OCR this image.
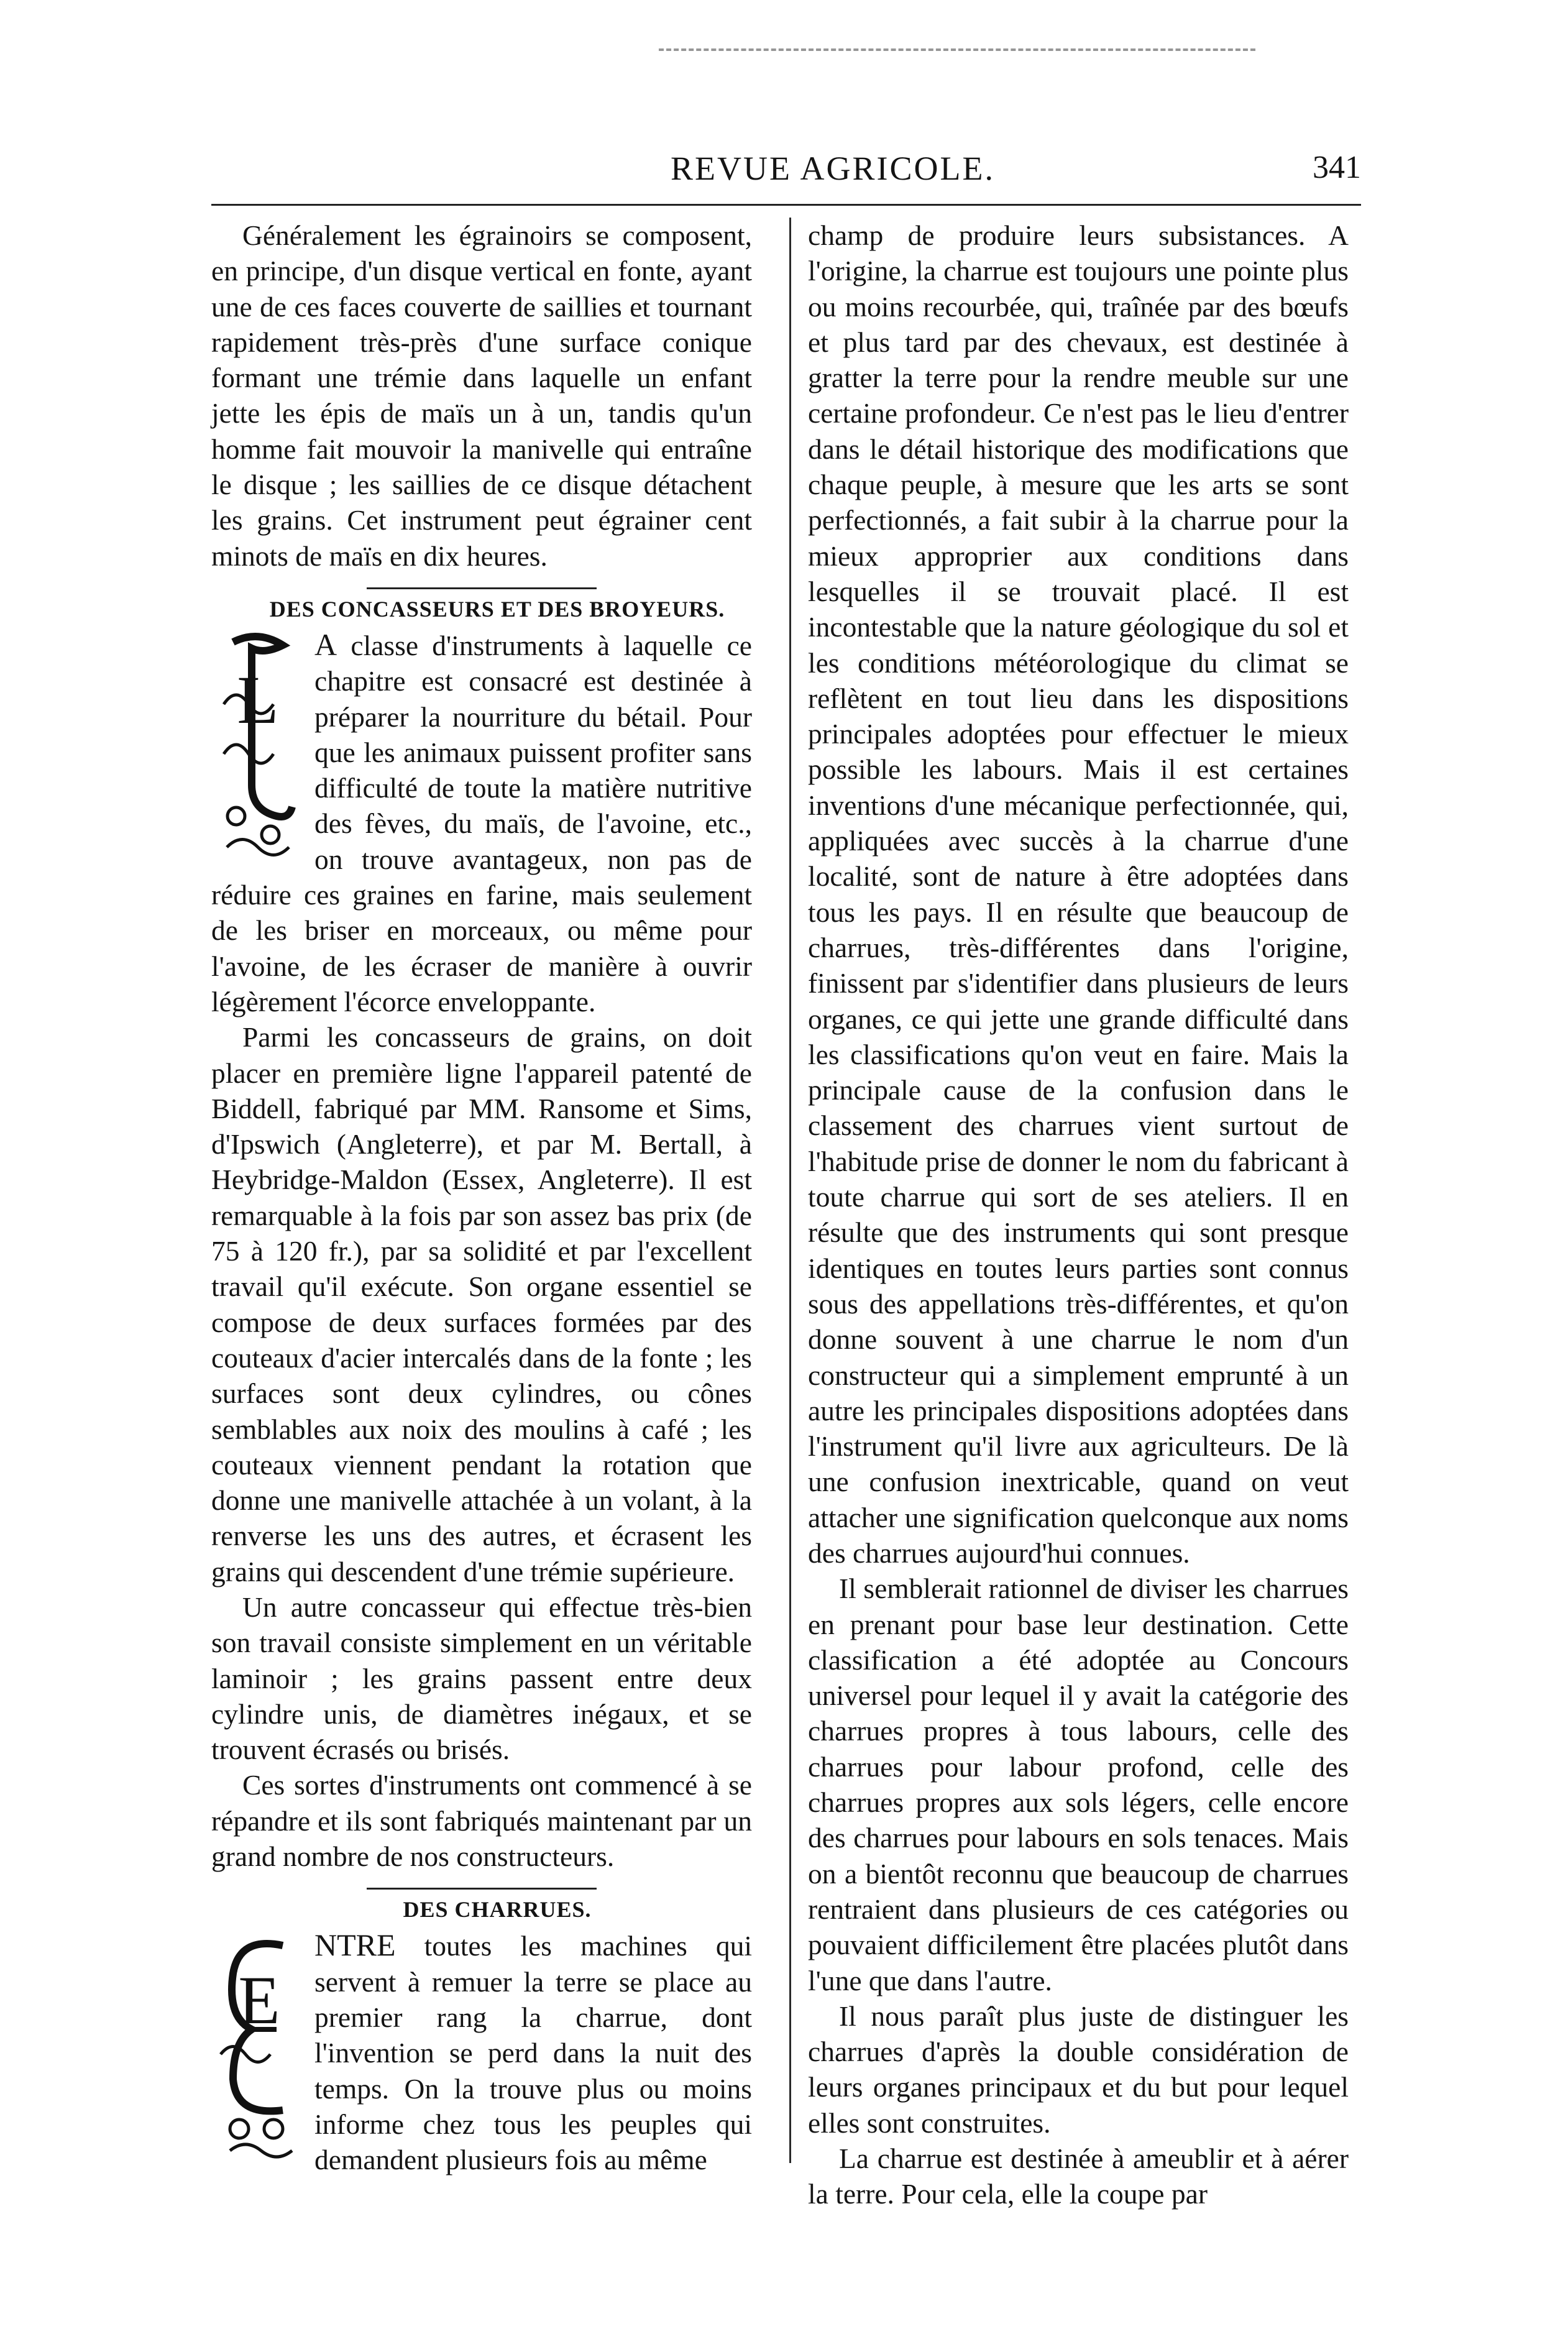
REVUE AGRICOLE.	341

Généralement les égrainoirs se composent, en principe, d'un disque vertical en fonte, ayant une de ces faces couverte de saillies et tournant rapidement très-près d'une surface conique formant une trémie dans laquelle un enfant jette les épis de maïs un à un, tandis qu'un homme fait mouvoir la manivelle qui entraîne le disque ; les saillies de ce disque détachent les grains. Cet instrument peut égrainer cent minots de maïs en dix heures.

DES CONCASSEURS ET DES BROYEURS.

L
A classe d'instruments à laquelle ce chapitre est consacré est destinée à préparer la nourriture du bétail. Pour que les animaux puissent profiter sans difficulté de toute la matière nutritive des fèves, du maïs, de l'avoine, etc., on trouve avantageux, non pas de réduire ces graines en farine, mais seulement de les briser en morceaux, ou même pour l'avoine, de les écraser de manière à ouvrir légèrement l'écorce enveloppante.

Parmi les concasseurs de grains, on doit placer en première ligne l'appareil patenté de Biddell, fabriqué par MM. Ransome et Sims, d'Ipswich (Angleterre), et par M. Bertall, à Heybridge-Maldon (Essex, Angleterre). Il est remarquable à la fois par son assez bas prix (de 75 à 120 fr.), par sa solidité et par l'excellent travail qu'il exécute. Son organe essentiel se compose de deux surfaces formées par des couteaux d'acier intercalés dans de la fonte ; les surfaces sont deux cylindres, ou cônes semblables aux noix des moulins à café ; les couteaux viennent pendant la rotation que donne une manivelle attachée à un volant, à la renverse les uns des autres, et écrasent les grains qui descendent d'une trémie supérieure.

Un autre concasseur qui effectue très-bien son travail consiste simplement en un véritable laminoir ; les grains passent entre deux cylindre unis, de diamètres inégaux, et se trouvent écrasés ou brisés.

Ces sortes d'instruments ont commencé à se répandre et ils sont fabriqués maintenant par un grand nombre de nos constructeurs.

DES CHARRUES.

E
NTRE toutes les machines qui servent à remuer la terre se place au premier rang la charrue, dont l'invention se perd dans la nuit des temps. On la trouve plus ou moins informe chez tous les peuples qui demandent plusieurs fois au même

champ de produire leurs subsistances. A l'origine, la charrue est toujours une pointe plus ou moins recourbée, qui, traînée par des bœufs et plus tard par des chevaux, est destinée à gratter la terre pour la rendre meuble sur une certaine profondeur. Ce n'est pas le lieu d'entrer dans le détail historique des modifications que chaque peuple, à mesure que les arts se sont perfectionnés, a fait subir à la charrue pour la mieux approprier aux conditions dans lesquelles il se trouvait placé. Il est incontestable que la nature géologique du sol et les conditions météorologique du climat se reflètent en tout lieu dans les dispositions principales adoptées pour effectuer le mieux possible les labours. Mais il est certaines inventions d'une mécanique perfectionnée, qui, appliquées avec succès à la charrue d'une localité, sont de nature à être adoptées dans tous les pays. Il en résulte que beaucoup de charrues, très-différentes dans l'origine, finissent par s'identifier dans plusieurs de leurs organes, ce qui jette une grande difficulté dans les classifications qu'on veut en faire. Mais la principale cause de la confusion dans le classement des charrues vient surtout de l'habitude prise de donner le nom du fabricant à toute charrue qui sort de ses ateliers. Il en résulte que des instruments qui sont presque identiques en toutes leurs parties sont connus sous des appellations très-différentes, et qu'on donne souvent à une charrue le nom d'un constructeur qui a simplement emprunté à un autre les principales dispositions adoptées dans l'instrument qu'il livre aux agriculteurs. De là une confusion inextricable, quand on veut attacher une signification quelconque aux noms des charrues aujourd'hui connues.

Il semblerait rationnel de diviser les charrues en prenant pour base leur destination. Cette classification a été adoptée au Concours universel pour lequel il y avait la catégorie des charrues propres à tous labours, celle des charrues pour labour profond, celle des charrues propres aux sols légers, celle encore des charrues pour labours en sols tenaces. Mais on a bientôt reconnu que beaucoup de charrues rentraient dans plusieurs de ces catégories ou pouvaient difficilement être placées plutôt dans l'une que dans l'autre.

Il nous paraît plus juste de distinguer les charrues d'après la double considération de leurs organes principaux et du but pour lequel elles sont construites.

La charrue est destinée à ameublir et à aérer la terre. Pour cela, elle la coupe par
